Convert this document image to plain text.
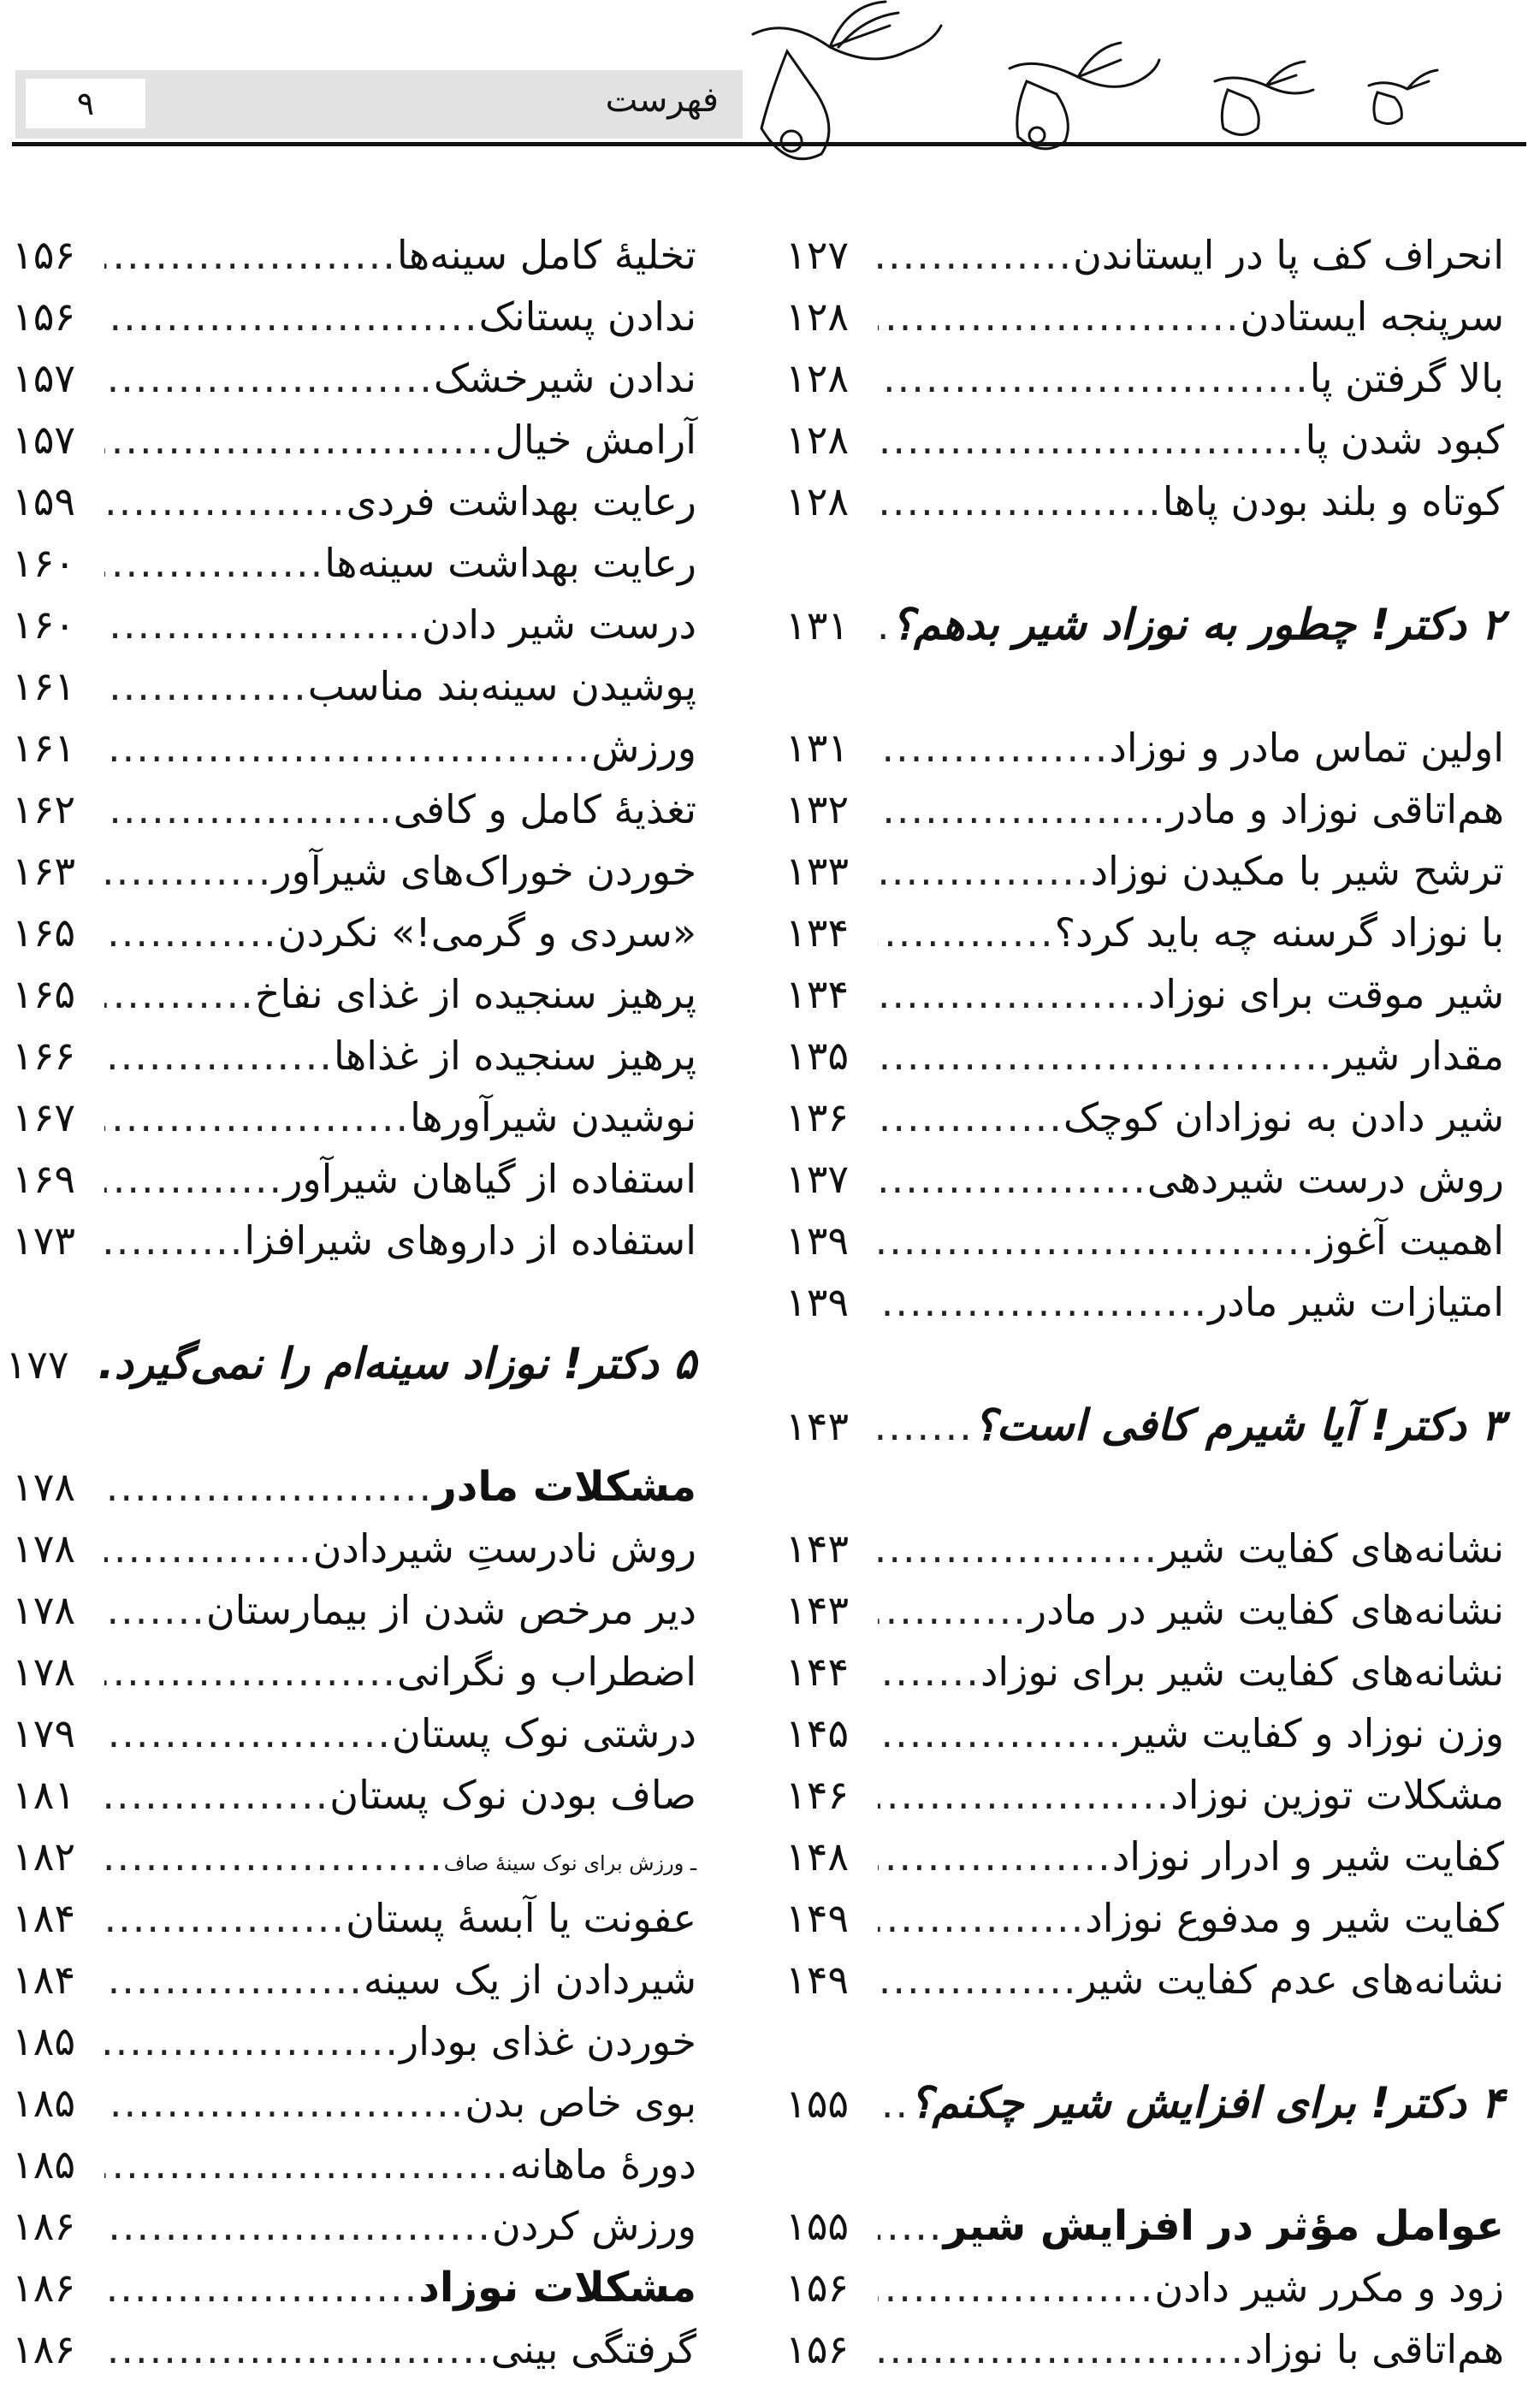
۹	فهرست
انحراف کف پا در ایستاندن
.....
۱۲۷
سرپنجه ایستادن
.....
۱۲۸
بالا گرفتن پا
.....
۱۲۸
کبود شدن پا
.....
۱۲۸
کوتاه و بلند بودن پاها
.....
۱۲۸
۲ دکتر! چطور به نوزاد شیر بدهم؟
.....
۱۳۱
اولین تماس مادر و نوزاد
.....
۱۳۱
هم‌اتاقی نوزاد و مادر
.....
۱۳۲
ترشح شیر با مکیدن نوزاد
.....
۱۳۳
با نوزاد گرسنه چه باید کرد؟
.....
۱۳۴
شیر موقت برای نوزاد
.....
۱۳۴
مقدار شیر
.....
۱۳۵
شیر دادن به نوزادان کوچک
.....
۱۳۶
روش درست شیردهی
.....
۱۳۷
اهمیت آغوز
.....
۱۳۹
امتیازات شیر مادر
.....
۱۳۹
۳ دکتر! آیا شیرم کافی است؟
.....
۱۴۳
نشانه‌های کفایت شیر
.....
۱۴۳
نشانه‌های کفایت شیر در مادر
.....
۱۴۳
نشانه‌های کفایت شیر برای نوزاد
.....
۱۴۴
وزن نوزاد و کفایت شیر
.....
۱۴۵
مشکلات توزین نوزاد
.....
۱۴۶
کفایت شیر و ادرار نوزاد
.....
۱۴۸
کفایت شیر و مدفوع نوزاد
.....
۱۴۹
نشانه‌های عدم کفایت شیر
.....
۱۴۹
۴ دکتر! برای افزایش شیر چکنم؟
.....
۱۵۵
عوامل مؤثر در افزایش شیر
.....
۱۵۵
زود و مکرر شیر دادن
.....
۱۵۶
هم‌اتاقی با نوزاد
.....
۱۵۶
تخلیۀ کامل سینه‌ها
.....
۱۵۶
ندادن پستانک
.....
۱۵۶
ندادن شیرخشک
.....
۱۵۷
آرامش خیال
.....
۱۵۷
رعایت بهداشت فردی
.....
۱۵۹
رعایت بهداشت سینه‌ها
.....
۱۶۰
درست شیر دادن
.....
۱۶۰
پوشیدن سینه‌بند مناسب
.....
۱۶۱
ورزش
.....
۱۶۱
تغذیۀ کامل و کافی
.....
۱۶۲
خوردن خوراک‌های شیرآور
.....
۱۶۳
«سردی و گرمی!» نکردن
.....
۱۶۵
پرهیز سنجیده از غذای نفاخ
.....
۱۶۵
پرهیز سنجیده از غذاها
.....
۱۶۶
نوشیدن شیرآورها
.....
۱۶۷
استفاده از گیاهان شیرآور
.....
۱۶۹
استفاده از داروهای شیرافزا
.....
۱۷۳
۵ دکتر! نوزاد سینه‌ام را نمی‌گیرد.
۱۷۷
مشکلات مادر
.....
۱۷۸
روش نادرستِ شیردادن
.....
۱۷۸
دیر مرخص شدن از بیمارستان
.....
۱۷۸
اضطراب و نگرانی
.....
۱۷۸
درشتی نوک پستان
.....
۱۷۹
صاف بودن نوک پستان
.....
۱۸۱
ـ ورزش برای نوک سینۀ صاف
.....
۱۸۲
عفونت یا آبسۀ پستان
.....
۱۸۴
شیردادن از یک سینه
.....
۱۸۴
خوردن غذای بودار
.....
۱۸۵
بوی خاص بدن
.....
۱۸۵
دورۀ ماهانه
.....
۱۸۵
ورزش کردن
.....
۱۸۶
مشکلات نوزاد
.....
۱۸۶
گرفتگی بینی
.....
۱۸۶
